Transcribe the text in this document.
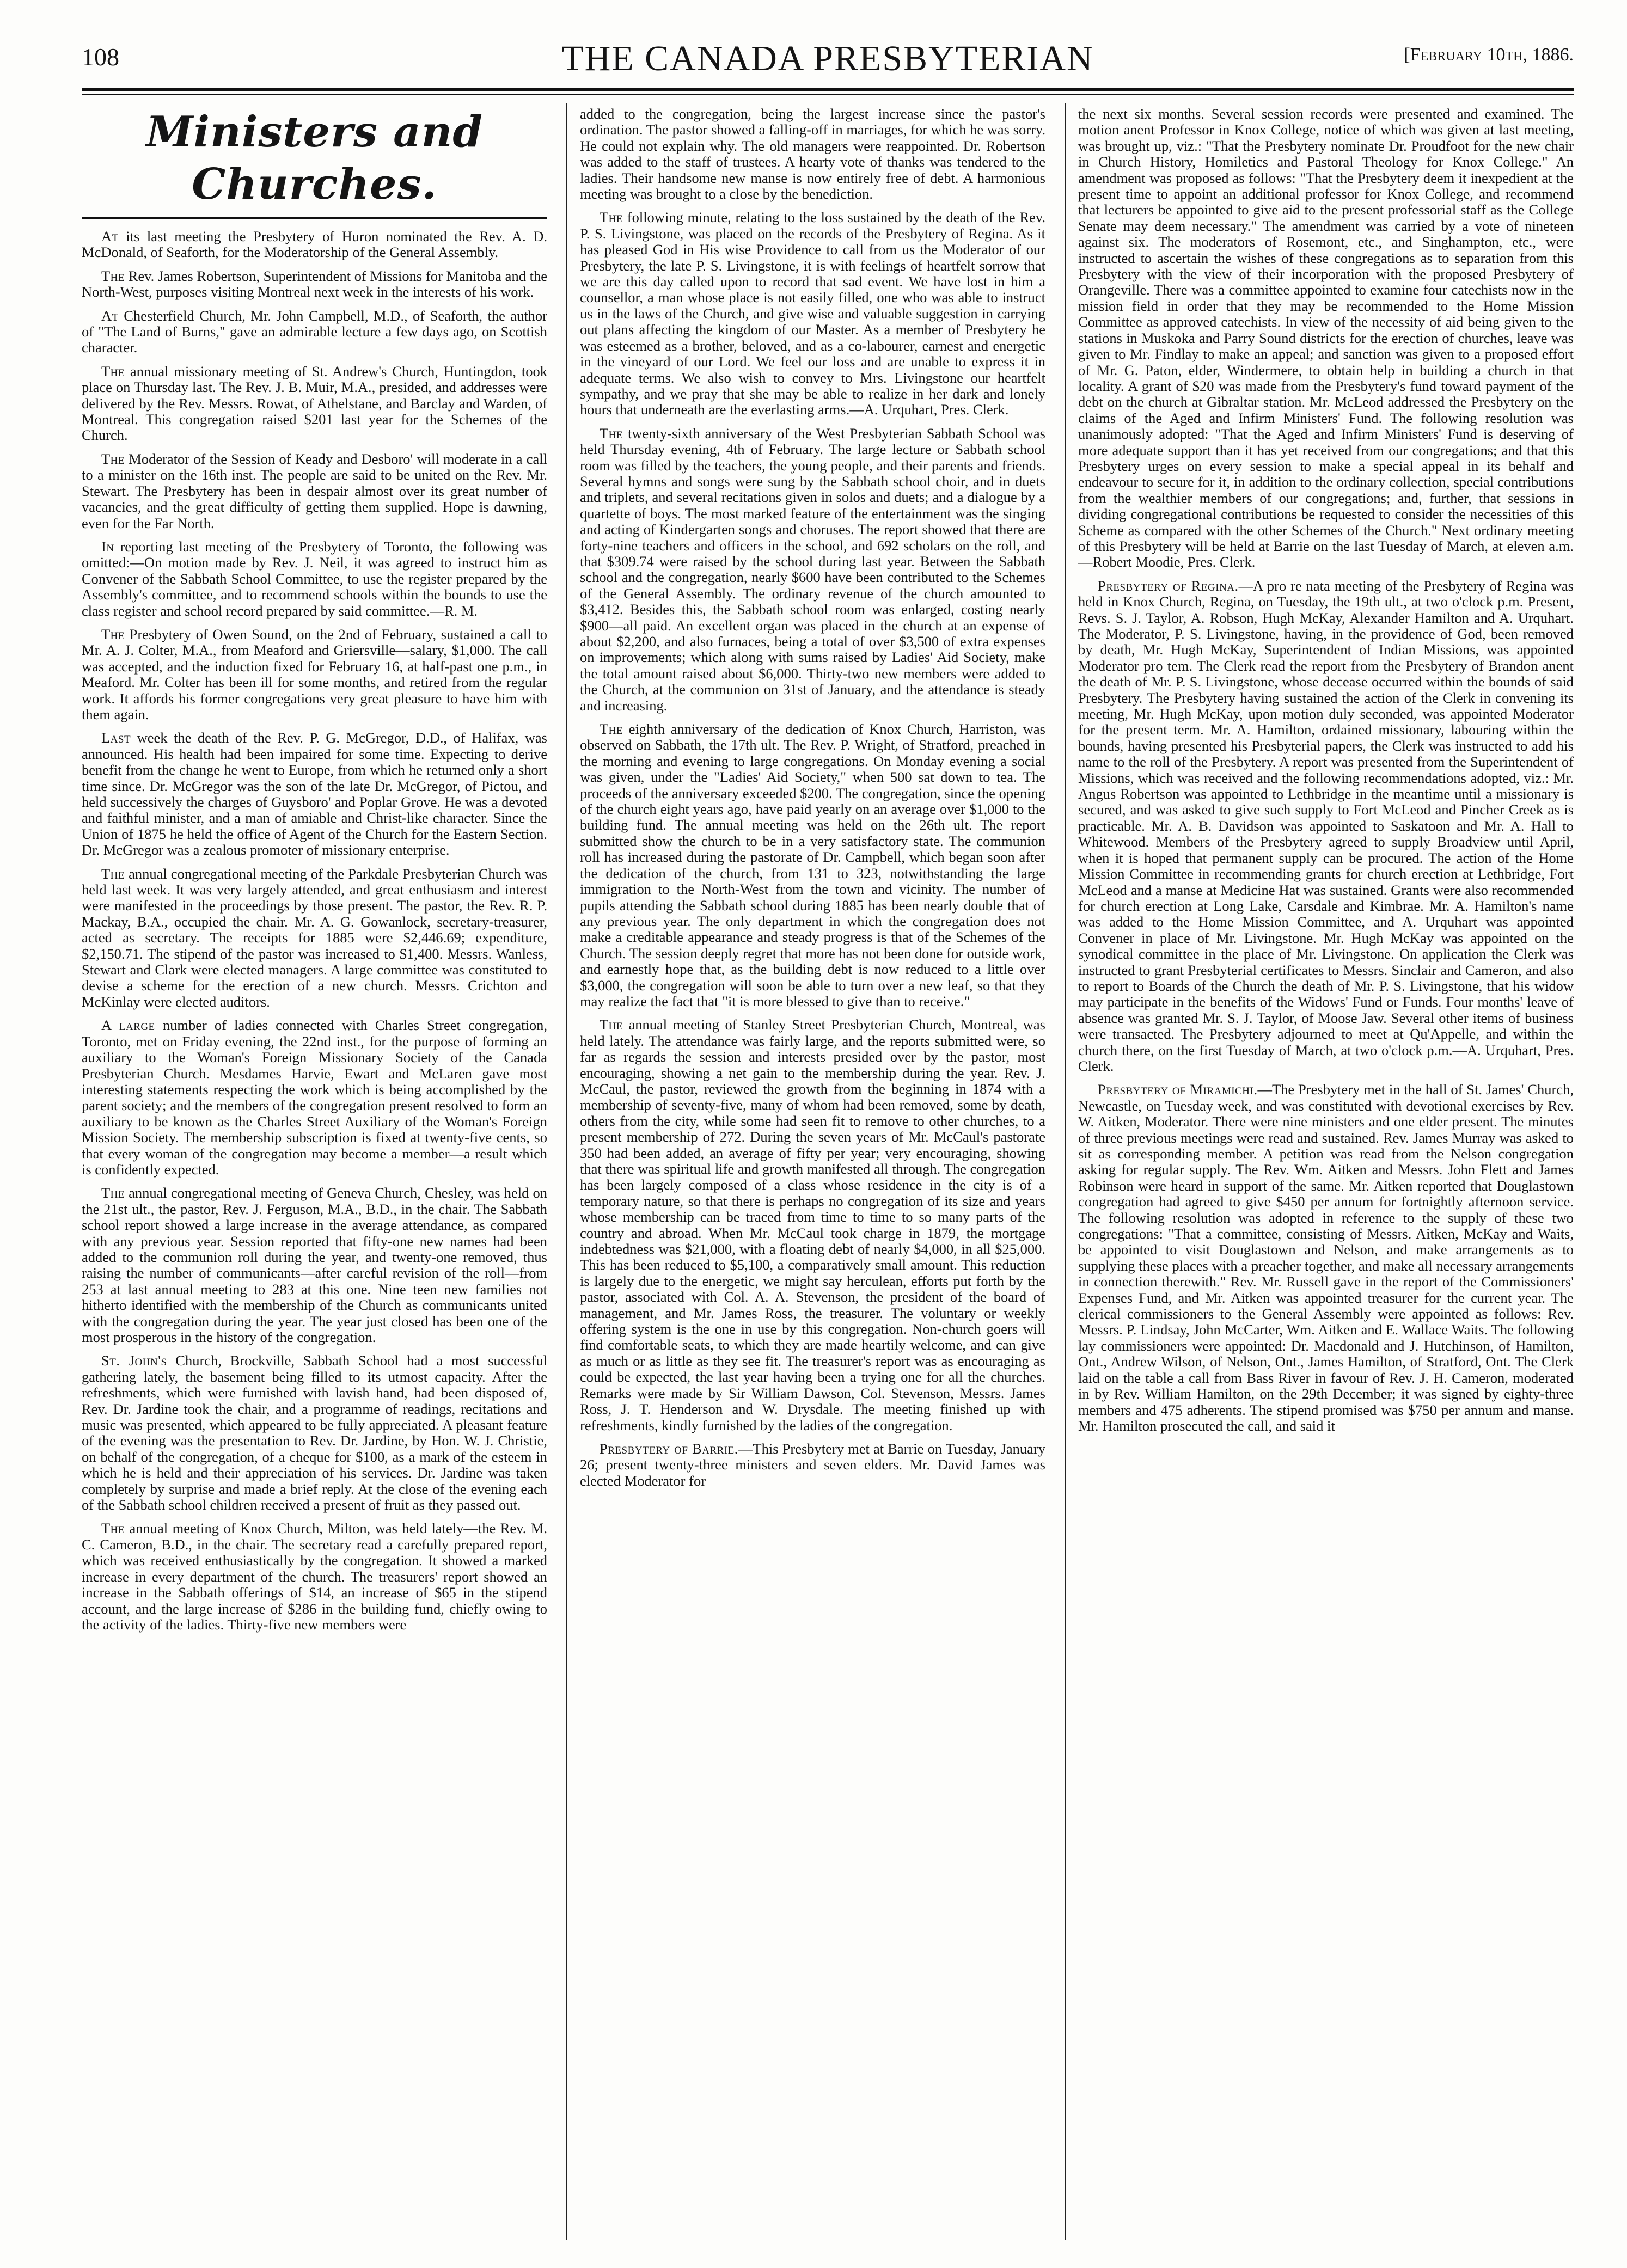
108	THE CANADA PRESBYTERIAN	[February 10th, 1886.
Ministers and Churches.

At its last meeting the Presbytery of Huron nominated the Rev. A. D. McDonald, of Seaforth, for the Moderatorship of the General Assembly.

The Rev. James Robertson, Superintendent of Missions for Manitoba and the North-West, purposes visiting Montreal next week in the interests of his work.

At Chesterfield Church, Mr. John Campbell, M.D., of Seaforth, the author of "The Land of Burns," gave an admirable lecture a few days ago, on Scottish character.

The annual missionary meeting of St. Andrew's Church, Huntingdon, took place on Thursday last. The Rev. J. B. Muir, M.A., presided, and addresses were delivered by the Rev. Messrs. Rowat, of Athelstane, and Barclay and Warden, of Montreal. This congregation raised $201 last year for the Schemes of the Church.

The Moderator of the Session of Keady and Desboro' will moderate in a call to a minister on the 16th inst. The people are said to be united on the Rev. Mr. Stewart. The Presbytery has been in despair almost over its great number of vacancies, and the great difficulty of getting them supplied. Hope is dawning, even for the Far North.

In reporting last meeting of the Presbytery of Toronto, the following was omitted:—On motion made by Rev. J. Neil, it was agreed to instruct him as Convener of the Sabbath School Committee, to use the register prepared by the Assembly's committee, and to recommend schools within the bounds to use the class register and school record prepared by said committee.—R. M.

The Presbytery of Owen Sound, on the 2nd of February, sustained a call to Mr. A. J. Colter, M.A., from Meaford and Griersville—salary, $1,000. The call was accepted, and the induction fixed for February 16, at half-past one p.m., in Meaford. Mr. Colter has been ill for some months, and retired from the regular work. It affords his former congregations very great pleasure to have him with them again.

Last week the death of the Rev. P. G. McGregor, D.D., of Halifax, was announced. His health had been impaired for some time. Expecting to derive benefit from the change he went to Europe, from which he returned only a short time since. Dr. McGregor was the son of the late Dr. McGregor, of Pictou, and held successively the charges of Guysboro' and Poplar Grove. He was a devoted and faithful minister, and a man of amiable and Christ-like character. Since the Union of 1875 he held the office of Agent of the Church for the Eastern Section. Dr. McGregor was a zealous promoter of missionary enterprise.

The annual congregational meeting of the Parkdale Presbyterian Church was held last week. It was very largely attended, and great enthusiasm and interest were manifested in the proceedings by those present. The pastor, the Rev. R. P. Mackay, B.A., occupied the chair. Mr. A. G. Gowanlock, secretary-treasurer, acted as secretary. The receipts for 1885 were $2,446.69; expenditure, $2,150.71. The stipend of the pastor was increased to $1,400. Messrs. Wanless, Stewart and Clark were elected managers. A large committee was constituted to devise a scheme for the erection of a new church. Messrs. Crichton and McKinlay were elected auditors.

A large number of ladies connected with Charles Street congregation, Toronto, met on Friday evening, the 22nd inst., for the purpose of forming an auxiliary to the Woman's Foreign Missionary Society of the Canada Presbyterian Church. Mesdames Harvie, Ewart and McLaren gave most interesting statements respecting the work which is being accomplished by the parent society; and the members of the congregation present resolved to form an auxiliary to be known as the Charles Street Auxiliary of the Woman's Foreign Mission Society. The membership subscription is fixed at twenty-five cents, so that every woman of the congregation may become a member—a result which is confidently expected.

The annual congregational meeting of Geneva Church, Chesley, was held on the 21st ult., the pastor, Rev. J. Ferguson, M.A., B.D., in the chair. The Sabbath school report showed a large increase in the average attendance, as compared with any previous year. Session reported that fifty-one new names had been added to the communion roll during the year, and twenty-one removed, thus raising the number of communicants—after careful revision of the roll—from 253 at last annual meeting to 283 at this one. Nine teen new families not hitherto identified with the membership of the Church as communicants united with the congregation during the year. The year just closed has been one of the most prosperous in the history of the congregation.

St. John's Church, Brockville, Sabbath School had a most successful gathering lately, the basement being filled to its utmost capacity. After the refreshments, which were furnished with lavish hand, had been disposed of, Rev. Dr. Jardine took the chair, and a programme of readings, recitations and music was presented, which appeared to be fully appreciated. A pleasant feature of the evening was the presentation to Rev. Dr. Jardine, by Hon. W. J. Christie, on behalf of the congregation, of a cheque for $100, as a mark of the esteem in which he is held and their appreciation of his services. Dr. Jardine was taken completely by surprise and made a brief reply. At the close of the evening each of the Sabbath school children received a present of fruit as they passed out.

The annual meeting of Knox Church, Milton, was held lately—the Rev. M. C. Cameron, B.D., in the chair. The secretary read a carefully prepared report, which was received enthusiastically by the congregation. It showed a marked increase in every department of the church. The treasurers' report showed an increase in the Sabbath offerings of $14, an increase of $65 in the stipend account, and the large increase of $286 in the building fund, chiefly owing to the activity of the ladies. Thirty-five new members were

added to the congregation, being the largest increase since the pastor's ordination. The pastor showed a falling-off in marriages, for which he was sorry. He could not explain why. The old managers were reappointed. Dr. Robertson was added to the staff of trustees. A hearty vote of thanks was tendered to the ladies. Their handsome new manse is now entirely free of debt. A harmonious meeting was brought to a close by the benediction.

The following minute, relating to the loss sustained by the death of the Rev. P. S. Livingstone, was placed on the records of the Presbytery of Regina. As it has pleased God in His wise Providence to call from us the Moderator of our Presbytery, the late P. S. Livingstone, it is with feelings of heartfelt sorrow that we are this day called upon to record that sad event. We have lost in him a counsellor, a man whose place is not easily filled, one who was able to instruct us in the laws of the Church, and give wise and valuable suggestion in carrying out plans affecting the kingdom of our Master. As a member of Presbytery he was esteemed as a brother, beloved, and as a co-labourer, earnest and energetic in the vineyard of our Lord. We feel our loss and are unable to express it in adequate terms. We also wish to convey to Mrs. Livingstone our heartfelt sympathy, and we pray that she may be able to realize in her dark and lonely hours that underneath are the everlasting arms.—A. Urquhart, Pres. Clerk.

The twenty-sixth anniversary of the West Presbyterian Sabbath School was held Thursday evening, 4th of February. The large lecture or Sabbath school room was filled by the teachers, the young people, and their parents and friends. Several hymns and songs were sung by the Sabbath school choir, and in duets and triplets, and several recitations given in solos and duets; and a dialogue by a quartette of boys. The most marked feature of the entertainment was the singing and acting of Kindergarten songs and choruses. The report showed that there are forty-nine teachers and officers in the school, and 692 scholars on the roll, and that $309.74 were raised by the school during last year. Between the Sabbath school and the congregation, nearly $600 have been contributed to the Schemes of the General Assembly. The ordinary revenue of the church amounted to $3,412. Besides this, the Sabbath school room was enlarged, costing nearly $900—all paid. An excellent organ was placed in the church at an expense of about $2,200, and also furnaces, being a total of over $3,500 of extra expenses on improvements; which along with sums raised by Ladies' Aid Society, make the total amount raised about $6,000. Thirty-two new members were added to the Church, at the communion on 31st of January, and the attendance is steady and increasing.

The eighth anniversary of the dedication of Knox Church, Harriston, was observed on Sabbath, the 17th ult. The Rev. P. Wright, of Stratford, preached in the morning and evening to large congregations. On Monday evening a social was given, under the "Ladies' Aid Society," when 500 sat down to tea. The proceeds of the anniversary exceeded $200. The congregation, since the opening of the church eight years ago, have paid yearly on an average over $1,000 to the building fund. The annual meeting was held on the 26th ult. The report submitted show the church to be in a very satisfactory state. The communion roll has increased during the pastorate of Dr. Campbell, which began soon after the dedication of the church, from 131 to 323, notwithstanding the large immigration to the North-West from the town and vicinity. The number of pupils attending the Sabbath school during 1885 has been nearly double that of any previous year. The only department in which the congregation does not make a creditable appearance and steady progress is that of the Schemes of the Church. The session deeply regret that more has not been done for outside work, and earnestly hope that, as the building debt is now reduced to a little over $3,000, the congregation will soon be able to turn over a new leaf, so that they may realize the fact that "it is more blessed to give than to receive."

The annual meeting of Stanley Street Presbyterian Church, Montreal, was held lately. The attendance was fairly large, and the reports submitted were, so far as regards the session and interests presided over by the pastor, most encouraging, showing a net gain to the membership during the year. Rev. J. McCaul, the pastor, reviewed the growth from the beginning in 1874 with a membership of seventy-five, many of whom had been removed, some by death, others from the city, while some had seen fit to remove to other churches, to a present membership of 272. During the seven years of Mr. McCaul's pastorate 350 had been added, an average of fifty per year; very encouraging, showing that there was spiritual life and growth manifested all through. The congregation has been largely composed of a class whose residence in the city is of a temporary nature, so that there is perhaps no congregation of its size and years whose membership can be traced from time to time to so many parts of the country and abroad. When Mr. McCaul took charge in 1879, the mortgage indebtedness was $21,000, with a floating debt of nearly $4,000, in all $25,000. This has been reduced to $5,100, a comparatively small amount. This reduction is largely due to the energetic, we might say herculean, efforts put forth by the pastor, associated with Col. A. A. Stevenson, the president of the board of management, and Mr. James Ross, the treasurer. The voluntary or weekly offering system is the one in use by this congregation. Non-church goers will find comfortable seats, to which they are made heartily welcome, and can give as much or as little as they see fit. The treasurer's report was as encouraging as could be expected, the last year having been a trying one for all the churches. Remarks were made by Sir William Dawson, Col. Stevenson, Messrs. James Ross, J. T. Henderson and W. Drysdale. The meeting finished up with refreshments, kindly furnished by the ladies of the congregation.

Presbytery of Barrie.—This Presbytery met at Barrie on Tuesday, January 26; present twenty-three ministers and seven elders. Mr. David James was elected Moderator for

the next six months. Several session records were presented and examined. The motion anent Professor in Knox College, notice of which was given at last meeting, was brought up, viz.: "That the Presbytery nominate Dr. Proudfoot for the new chair in Church History, Homiletics and Pastoral Theology for Knox College." An amendment was proposed as follows: "That the Presbytery deem it inexpedient at the present time to appoint an additional professor for Knox College, and recommend that lecturers be appointed to give aid to the present professorial staff as the College Senate may deem necessary." The amendment was carried by a vote of nineteen against six. The moderators of Rosemont, etc., and Singhampton, etc., were instructed to ascertain the wishes of these congregations as to separation from this Presbytery with the view of their incorporation with the proposed Presbytery of Orangeville. There was a committee appointed to examine four catechists now in the mission field in order that they may be recommended to the Home Mission Committee as approved catechists. In view of the necessity of aid being given to the stations in Muskoka and Parry Sound districts for the erection of churches, leave was given to Mr. Findlay to make an appeal; and sanction was given to a proposed effort of Mr. G. Paton, elder, Windermere, to obtain help in building a church in that locality. A grant of $20 was made from the Presbytery's fund toward payment of the debt on the church at Gibraltar station. Mr. McLeod addressed the Presbytery on the claims of the Aged and Infirm Ministers' Fund. The following resolution was unanimously adopted: "That the Aged and Infirm Ministers' Fund is deserving of more adequate support than it has yet received from our congregations; and that this Presbytery urges on every session to make a special appeal in its behalf and endeavour to secure for it, in addition to the ordinary collection, special contributions from the wealthier members of our congregations; and, further, that sessions in dividing congregational contributions be requested to consider the necessities of this Scheme as compared with the other Schemes of the Church." Next ordinary meeting of this Presbytery will be held at Barrie on the last Tuesday of March, at eleven a.m.—Robert Moodie, Pres. Clerk.

Presbytery of Regina.—A pro re nata meeting of the Presbytery of Regina was held in Knox Church, Regina, on Tuesday, the 19th ult., at two o'clock p.m. Present, Revs. S. J. Taylor, A. Robson, Hugh McKay, Alexander Hamilton and A. Urquhart. The Moderator, P. S. Livingstone, having, in the providence of God, been removed by death, Mr. Hugh McKay, Superintendent of Indian Missions, was appointed Moderator pro tem. The Clerk read the report from the Presbytery of Brandon anent the death of Mr. P. S. Livingstone, whose decease occurred within the bounds of said Presbytery. The Presbytery having sustained the action of the Clerk in convening its meeting, Mr. Hugh McKay, upon motion duly seconded, was appointed Moderator for the present term. Mr. A. Hamilton, ordained missionary, labouring within the bounds, having presented his Presbyterial papers, the Clerk was instructed to add his name to the roll of the Presbytery. A report was presented from the Superintendent of Missions, which was received and the following recommendations adopted, viz.: Mr. Angus Robertson was appointed to Lethbridge in the meantime until a missionary is secured, and was asked to give such supply to Fort McLeod and Pincher Creek as is practicable. Mr. A. B. Davidson was appointed to Saskatoon and Mr. A. Hall to Whitewood. Members of the Presbytery agreed to supply Broadview until April, when it is hoped that permanent supply can be procured. The action of the Home Mission Committee in recommending grants for church erection at Lethbridge, Fort McLeod and a manse at Medicine Hat was sustained. Grants were also recommended for church erection at Long Lake, Carsdale and Kimbrae. Mr. A. Hamilton's name was added to the Home Mission Committee, and A. Urquhart was appointed Convener in place of Mr. Livingstone. Mr. Hugh McKay was appointed on the synodical committee in the place of Mr. Livingstone. On application the Clerk was instructed to grant Presbyterial certificates to Messrs. Sinclair and Cameron, and also to report to Boards of the Church the death of Mr. P. S. Livingstone, that his widow may participate in the benefits of the Widows' Fund or Funds. Four months' leave of absence was granted Mr. S. J. Taylor, of Moose Jaw. Several other items of business were transacted. The Presbytery adjourned to meet at Qu'Appelle, and within the church there, on the first Tuesday of March, at two o'clock p.m.—A. Urquhart, Pres. Clerk.

Presbytery of Miramichi.—The Presbytery met in the hall of St. James' Church, Newcastle, on Tuesday week, and was constituted with devotional exercises by Rev. W. Aitken, Moderator. There were nine ministers and one elder present. The minutes of three previous meetings were read and sustained. Rev. James Murray was asked to sit as corresponding member. A petition was read from the Nelson congregation asking for regular supply. The Rev. Wm. Aitken and Messrs. John Flett and James Robinson were heard in support of the same. Mr. Aitken reported that Douglastown congregation had agreed to give $450 per annum for fortnightly afternoon service. The following resolution was adopted in reference to the supply of these two congregations: "That a committee, consisting of Messrs. Aitken, McKay and Waits, be appointed to visit Douglastown and Nelson, and make arrangements as to supplying these places with a preacher together, and make all necessary arrangements in connection therewith." Rev. Mr. Russell gave in the report of the Commissioners' Expenses Fund, and Mr. Aitken was appointed treasurer for the current year. The clerical commissioners to the General Assembly were appointed as follows: Rev. Messrs. P. Lindsay, John McCarter, Wm. Aitken and E. Wallace Waits. The following lay commissioners were appointed: Dr. Macdonald and J. Hutchinson, of Hamilton, Ont., Andrew Wilson, of Nelson, Ont., James Hamilton, of Stratford, Ont. The Clerk laid on the table a call from Bass River in favour of Rev. J. H. Cameron, moderated in by Rev. William Hamilton, on the 29th December; it was signed by eighty-three members and 475 adherents. The stipend promised was $750 per annum and manse. Mr. Hamilton prosecuted the call, and said it
